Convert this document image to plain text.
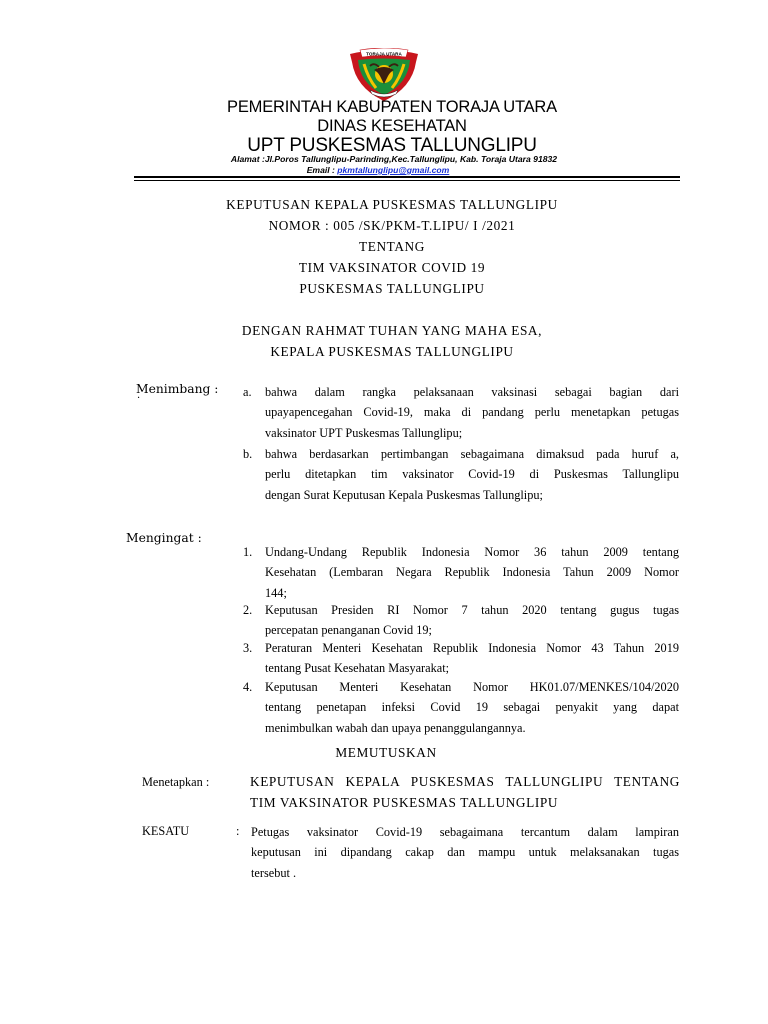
TORAJA UTARA
PEMERINTAH KABUPATEN TORAJA UTARA
DINAS KESEHATAN
UPT PUSKESMAS TALLUNGLIPU
Alamat :Jl.Poros Tallunglipu-Parinding,Kec.Tallunglipu, Kab. Toraja Utara 91832
Email : pkmtallunglipu@gmail.com
KEPUTUSAN KEPALA PUSKESMAS TALLUNGLIPU
NOMOR : 005 /SK/PKM-T.LIPU/ I /2021
TENTANG
TIM VAKSINATOR COVID 19
PUSKESMAS TALLUNGLIPU
DENGAN RAHMAT TUHAN YANG MAHA ESA,
KEPALA PUSKESMAS TALLUNGLIPU
Menimbang :
·	a. bahwa dalam rangka pelaksanaan vaksinasi sebagai bagian dari
upayapencegahan Covid-19, maka di pandang perlu menetapkan petugas
vaksinator UPT Puskesmas Tallunglipu;
b. bahwa berdasarkan pertimbangan sebagaimana dimaksud pada huruf a,
perlu ditetapkan tim vaksinator Covid-19 di Puskesmas Tallunglipu
dengan Surat Keputusan Kepala Puskesmas Tallunglipu;
Mengingat :
1. Undang-Undang Republik Indonesia Nomor 36 tahun 2009 tentang
Kesehatan (Lembaran Negara Republik Indonesia Tahun 2009 Nomor
144;
2. Keputusan Presiden RI Nomor 7 tahun 2020 tentang gugus tugas
percepatan penanganan Covid 19;
3. Peraturan Menteri Kesehatan Republik Indonesia Nomor 43 Tahun 2019
tentang Pusat Kesehatan Masyarakat;
4. Keputusan Menteri Kesehatan Nomor HK01.07/MENKES/104/2020
tentang penetapan infeksi Covid 19 sebagai penyakit yang dapat
menimbulkan wabah dan upaya penanggulangannya.
MEMUTUSKAN
Menetapkan :	KEPUTUSAN KEPALA PUSKESMAS TALLUNGLIPU TENTANG
TIM VAKSINATOR PUSKESMAS TALLUNGLIPU
KESATU	: Petugas vaksinator Covid-19 sebagaimana tercantum dalam lampiran
keputusan ini dipandang cakap dan mampu untuk melaksanakan tugas
tersebut .
